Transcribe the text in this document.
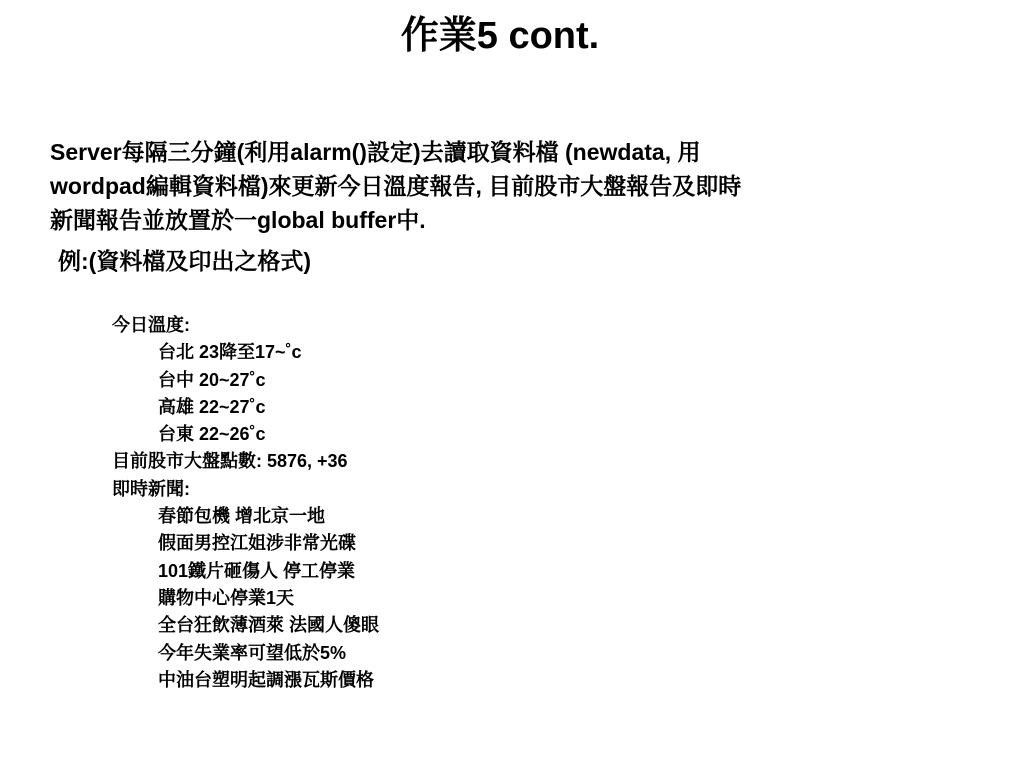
作業5 cont.
Server每隔三分鐘(利用alarm()設定)去讀取資料檔 (newdata, 用
wordpad編輯資料檔)來更新今日溫度報告, 目前股市大盤報告及即時
新聞報告並放置於一global buffer中.
例:(資料檔及印出之格式)
今日溫度:
台北 23降至17~˚c
台中 20~27˚c
高雄 22~27˚c
台東 22~26˚c
目前股市大盤點數: 5876, +36
即時新聞:
春節包機 增北京一地
假面男控江姐涉非常光碟
101鐵片砸傷人 停工停業
購物中心停業1天
全台狂飲薄酒萊 法國人傻眼
今年失業率可望低於5%
中油台塑明起調漲瓦斯價格
